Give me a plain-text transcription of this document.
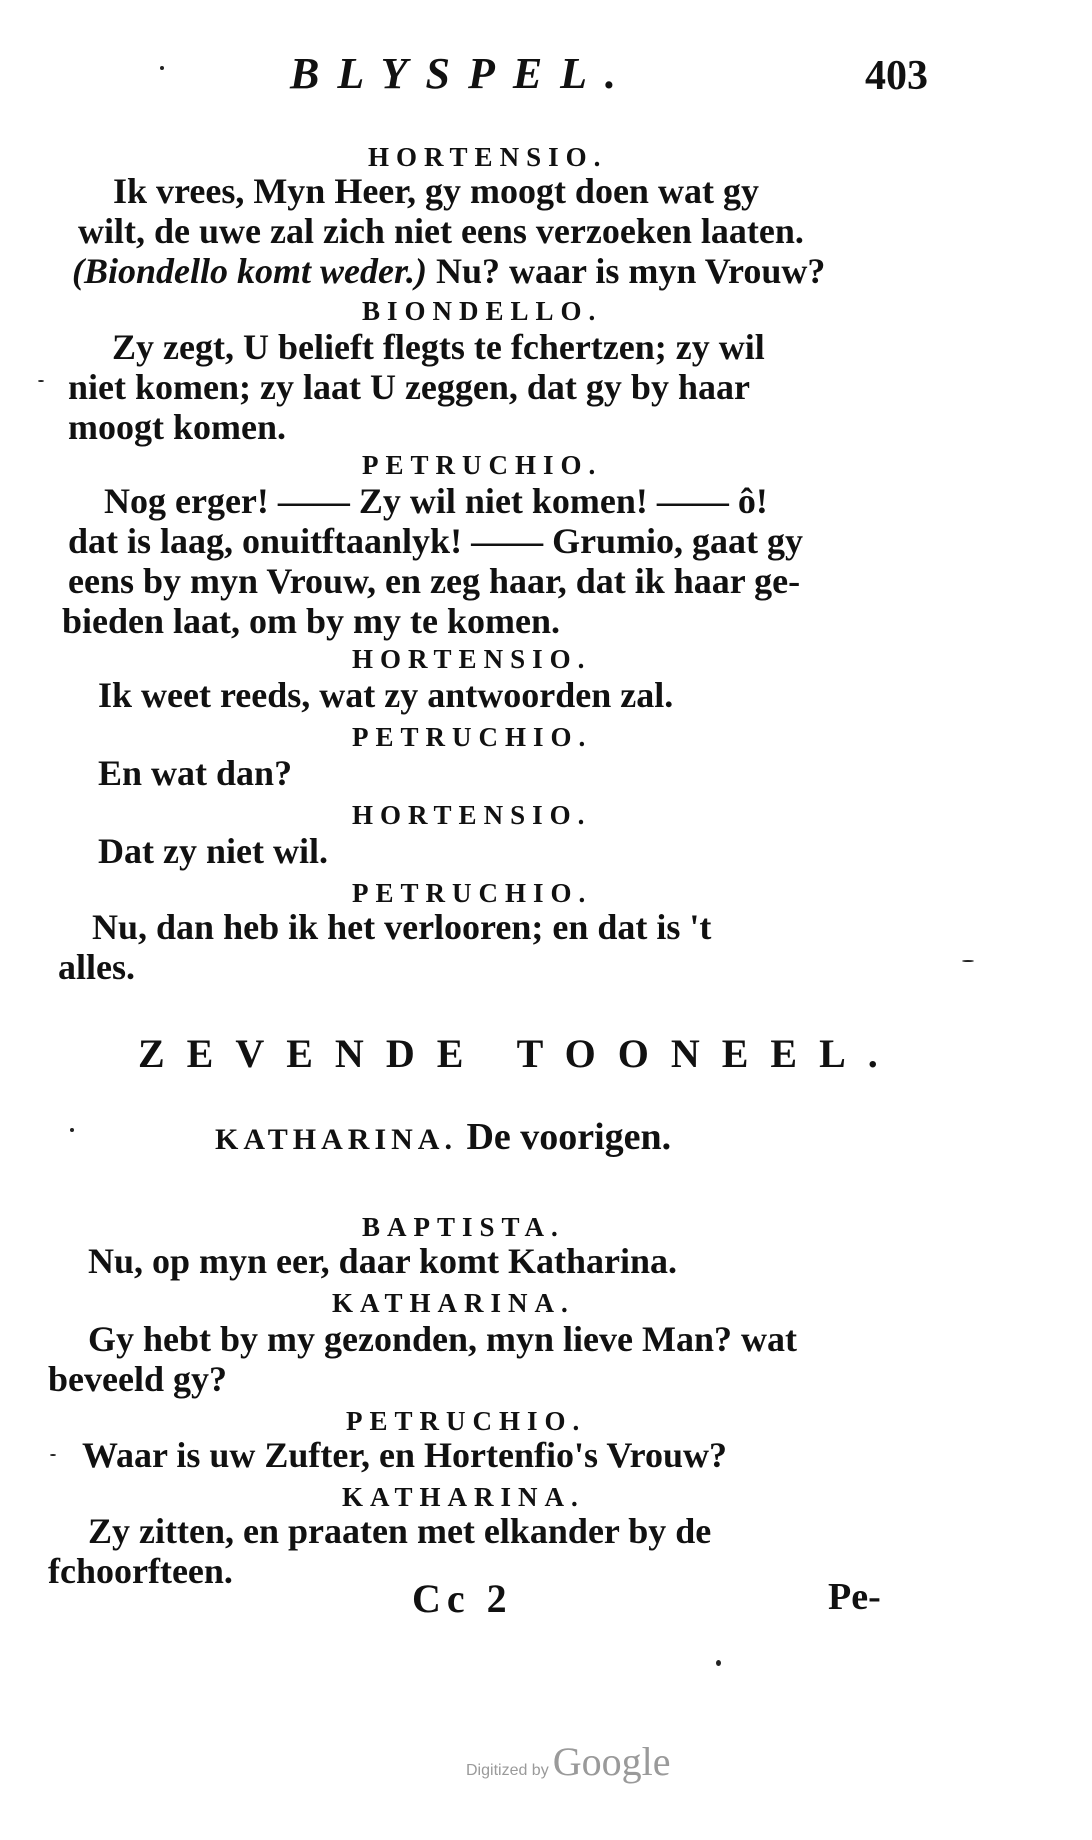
BLYSPEL.	403
HORTENSIO.
Ik vrees, Myn Heer, gy moogt doen wat gy
wilt, de uwe zal zich niet eens verzoeken laaten.
(Biondello komt weder.) Nu? waar is myn Vrouw?
BIONDELLO.
Zy zegt, U belieft flegts te fchertzen; zy wil
niet komen; zy laat U zeggen, dat gy by haar
moogt komen.
PETRUCHIO.
Nog erger! —— Zy wil niet komen! —— ô!
dat is laag, onuitftaanlyk! —— Grumio, gaat gy
eens by myn Vrouw, en zeg haar, dat ik haar ge-
bieden laat, om by my te komen.
HORTENSIO.
Ik weet reeds, wat zy antwoorden zal.
PETRUCHIO.
En wat dan?
HORTENSIO.
Dat zy niet wil.
PETRUCHIO.
Nu, dan heb ik het verlooren; en dat is 't
alles.
ZEVENDE TOONEEL.
KATHARINA. De voorigen.
BAPTISTA.
Nu, op myn eer, daar komt Katharina.
KATHARINA.
Gy hebt by my gezonden, myn lieve Man? wat
beveeld gy?
PETRUCHIO.
Waar is uw Zufter, en Hortenfio's Vrouw?
KATHARINA.
Zy zitten, en praaten met elkander by de
fchoorfteen.
Cc 2	Pe-
Digitized by Google
